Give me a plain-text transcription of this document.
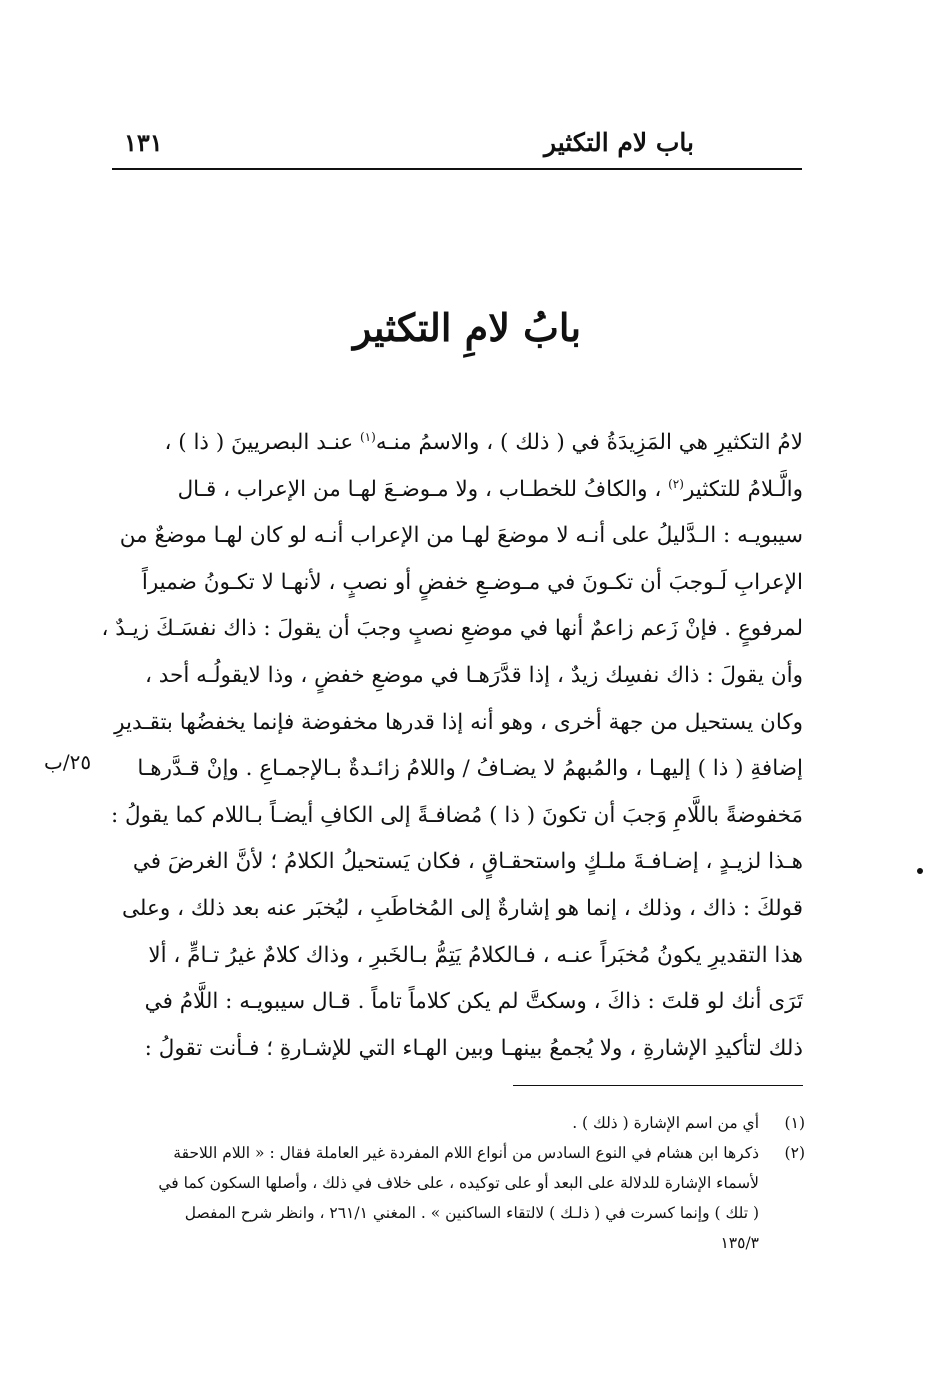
باب لام التكثير
١٣١
بابُ لامِ التكثير
لامُ التكثيرِ هي المَزِيدَةُ في ( ذلك ) ، والاسمُ منـه$^{(١)}$ عنـد البصريينَ ( ذا ) ،
والَّـلامُ للتكثير$^{(٢)}$ ، والكافُ للخطـاب ، ولا مـوضـعَ لهـا من الإعراب ، قـال
سيبويـه : الـدَّليلُ على أنـه لا موضعَ لهـا من الإعراب أنـه لو كان لهـا موضعٌ من
الإعرابِ لَـوجبَ أن تكـونَ في مـوضـعِ خفضٍ أو نصبٍ ، لأنهـا لا تكـونُ ضميراً
لمرفوعٍ . فإنْ زَعم زاعمٌ أنها في موضعِ نصبٍ وجبَ أن يقولَ : ذاك نفسَـكَ زيـدٌ ،
وأن يقولَ : ذاك نفسِك زيدٌ ، إذا قدَّرَهـا في موضعِ خفضٍ ، وذا لايقولُـه أحد ،
وكان يستحيل من جهة أخرى ، وهو أنه إذا قدرها مخفوضة فإنما يخفضُها بتقـديرِ
إضافةِ ( ذا ) إليهـا ، والمُبهمُ لا يضـافُ / واللامُ زائـدةٌ بـالإجمـاعِ . وإنْ قـدَّرهـا
مَخفوضةً باللَّامِ وَجبَ أن تكونَ ( ذا ) مُضافـةً إلى الكافِ أيضـاً بـاللام كما يقولُ :
هـذا لزيـدٍ ، إضـافـةَ ملـكٍ واستحقـاقٍ ، فكان يَستحيلُ الكلامُ ؛ لأنَّ الغرضَ في
قولكَ : ذاك ، وذلك ، إنما هو إشارةٌ إلى المُخاطَبِ ، ليُخبَر عنه بعد ذلك ، وعلى
هذا التقديرِ يكونُ مُخبَراً عنـه ، فـالكلامُ يَتِمُّ بـالخَبرِ ، وذاك كلامٌ غيرُ تـامٍّ ، ألا
تَرَى أنك لو قلتَ : ذاكَ ، وسكتَّ لم يكن كلاماً تاماً . قـال سيبويـه : اللَّامُ في
ذلك لتأكيدِ الإشارةِ ، ولا يُجمعُ بينهـا وبين الهـاء التي للإشـارةِ ؛ فـأنت تقولُ :
٢٥/ب
(١)
أي من اسم الإشارة ( ذلك ) .
(٢)
ذكرها ابن هشام في النوع السادس من أنواع اللام المفردة غير العاملة فقال : « اللام اللاحقة
لأسماء الإشارة للدلالة على البعد أو على توكيده ، على خلاف في ذلك ، وأصلها السكون كما في
( تلك ) وإنما كسرت في ( ذلـك ) لالتقاء الساكنين » . المغني ٢٦١/١ ، وانظر شرح المفصل
١٣٥/٣
